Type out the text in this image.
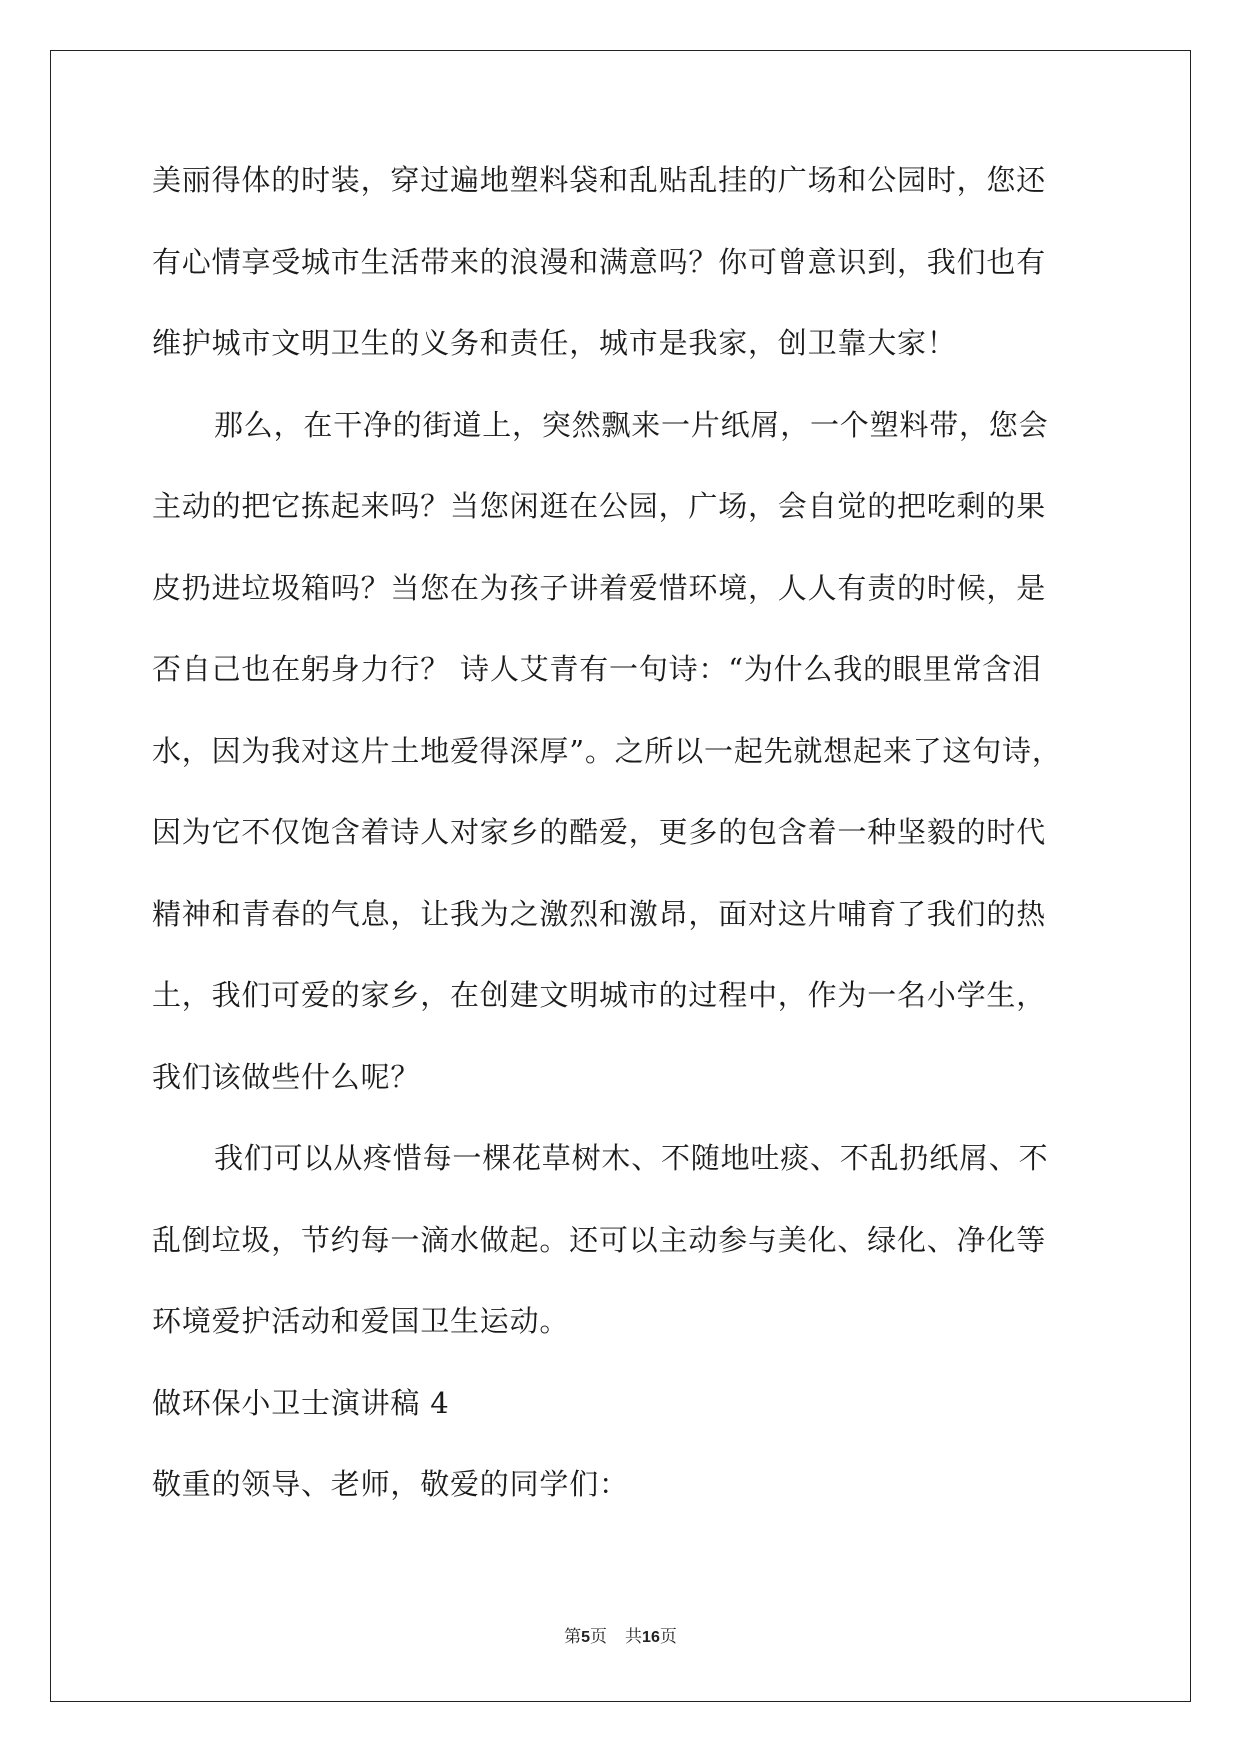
美丽得体的时装，穿过遍地塑料袋和乱贴乱挂的广场和公园时，您还
有心情享受城市生活带来的浪漫和满意吗？你可曾意识到，我们也有
维护城市文明卫生的义务和责任，城市是我家，创卫靠大家！
那么，在干净的街道上，突然飘来一片纸屑，一个塑料带，您会
主动的把它拣起来吗？当您闲逛在公园，广场，会自觉的把吃剩的果
皮扔进垃圾箱吗？当您在为孩子讲着爱惜环境，人人有责的时候，是
否自己也在躬身力行？ 诗人艾青有一句诗：“为什么我的眼里常含泪
水，因为我对这片土地爱得深厚”。之所以一起先就想起来了这句诗，
因为它不仅饱含着诗人对家乡的酷爱，更多的包含着一种坚毅的时代
精神和青春的气息，让我为之激烈和激昂，面对这片哺育了我们的热
土，我们可爱的家乡，在创建文明城市的过程中，作为一名小学生，
我们该做些什么呢？
我们可以从疼惜每一棵花草树木、不随地吐痰、不乱扔纸屑、不
乱倒垃圾，节约每一滴水做起。还可以主动参与美化、绿化、净化等
环境爱护活动和爱国卫生运动。
做环保小卫士演讲稿 4
敬重的领导、老师，敬爱的同学们：
第5页 共16页
